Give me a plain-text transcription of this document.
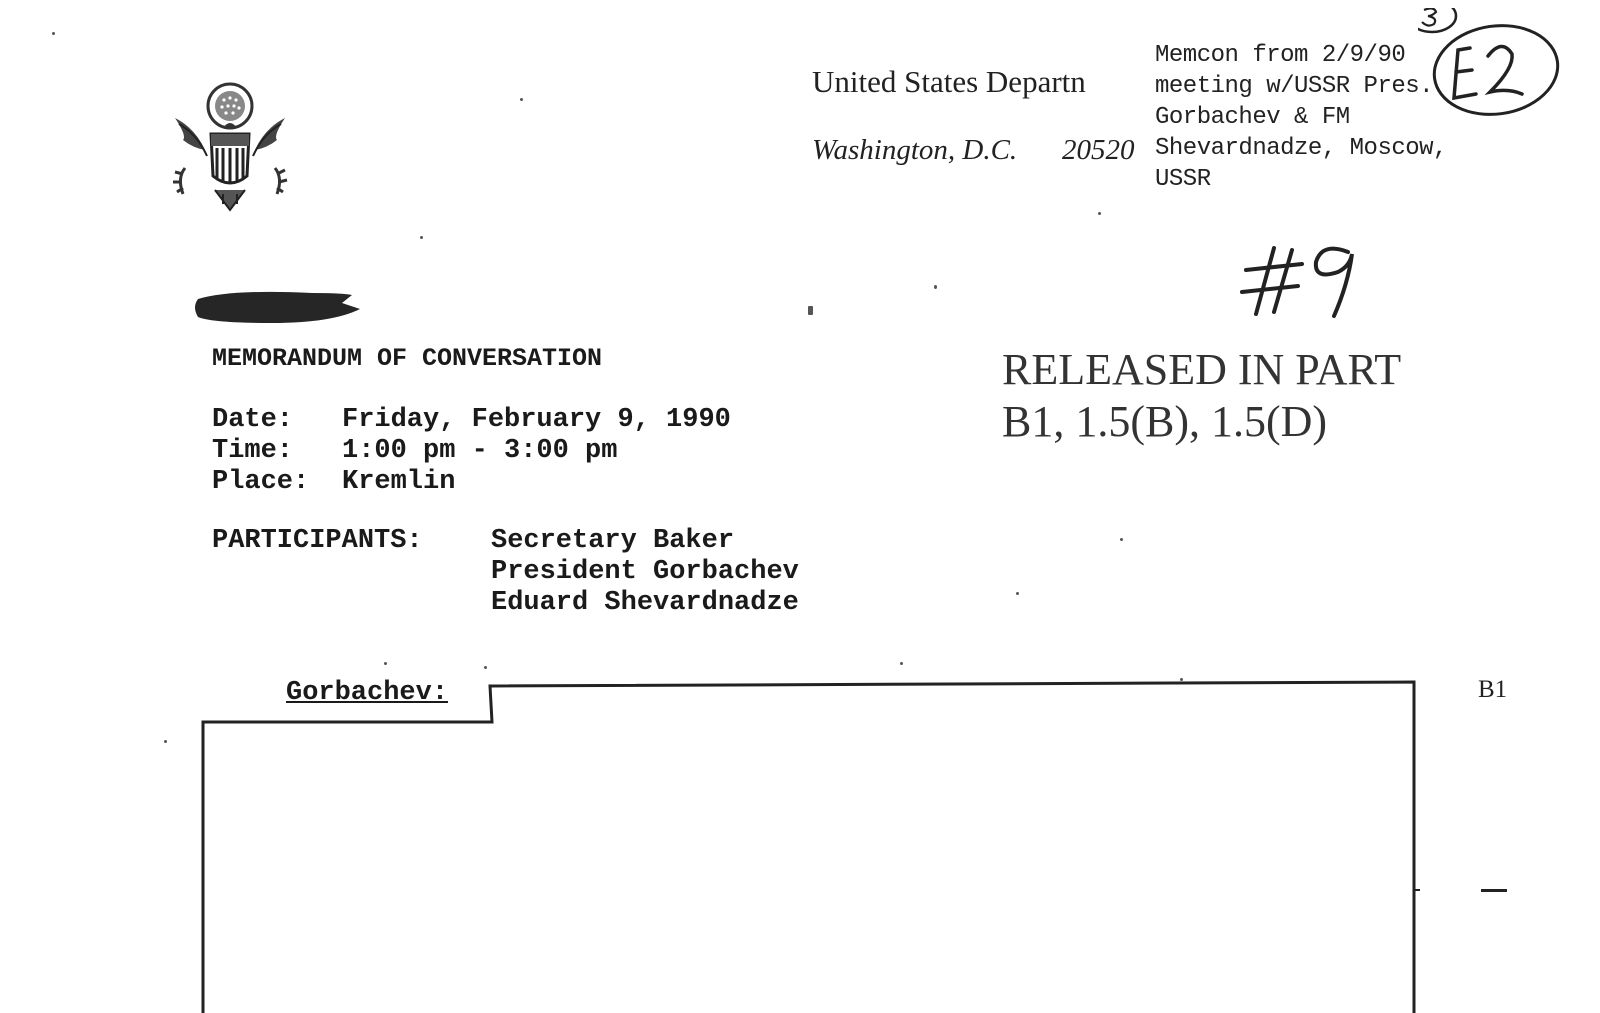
United States Departn
Washington, D.C. 20520
Memcon from 2/9/90
meeting w/USSR Pres.
Gorbachev & FM
Shevardnadze, Moscow,
USSR
RELEASED IN PART
B1, 1.5(B), 1.5(D)
MEMORANDUM OF CONVERSATION
Date: Friday, February 9, 1990
Time: 1:00 pm - 3:00 pm
Place: Kremlin
PARTICIPANTS:	Secretary Baker
President Gorbachev
Eduard Shevardnadze
Gorbachev:	B1
